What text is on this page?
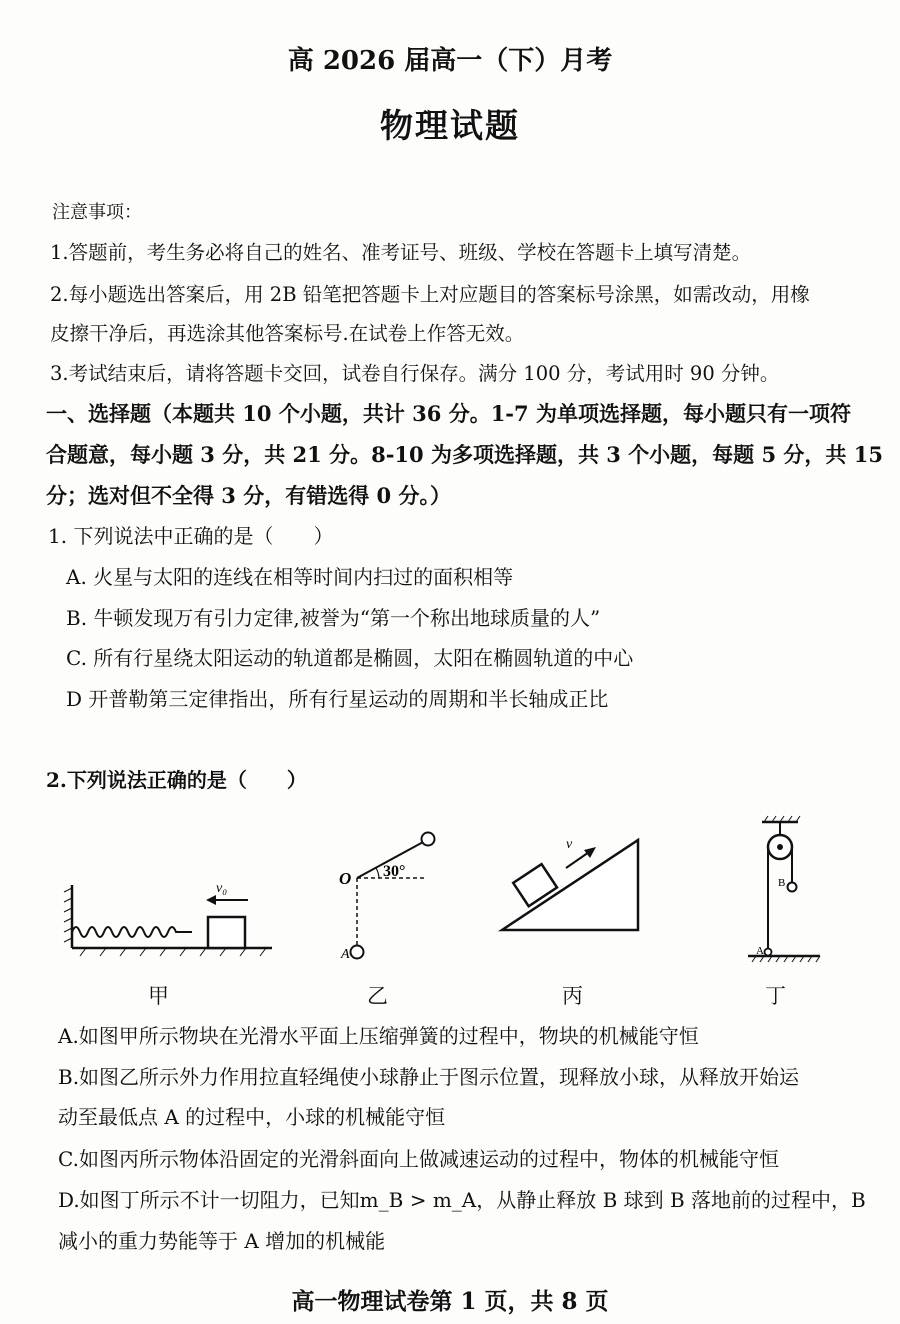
高 2026 届高一（下）月考
物理试题
注意事项：
1.答题前，考生务必将自己的姓名、准考证号、班级、学校在答题卡上填写清楚。
2.每小题选出答案后，用 2B 铅笔把答题卡上对应题目的答案标号涂黑，如需改动，用橡
皮擦干净后，再选涂其他答案标号.在试卷上作答无效。
3.考试结束后，请将答题卡交回，试卷自行保存。满分 100 分，考试用时 90 分钟。
一、选择题（本题共 10 个小题，共计 36 分。1-7 为单项选择题，每小题只有一项符
合题意，每小题 3 分，共 21 分。8-10 为多项选择题，共 3 个小题，每题 5 分，共 15
分；选对但不全得 3 分，有错选得 0 分。）
1. 下列说法中正确的是（　　）
A. 火星与太阳的连线在相等时间内扫过的面积相等
B. 牛顿发现万有引力定律,被誉为“第一个称出地球质量的人”
C. 所有行星绕太阳运动的轨道都是椭圆，太阳在椭圆轨道的中心
D 开普勒第三定律指出，所有行星运动的周期和半长轴成正比
2.下列说法正确的是（　　）
v₀
甲
O 30°
A
乙
v
丙
B
A
丁
A.如图甲所示物块在光滑水平面上压缩弹簧的过程中，物块的机械能守恒
B.如图乙所示外力作用拉直轻绳使小球静止于图示位置，现释放小球，从释放开始运
动至最低点 A 的过程中，小球的机械能守恒
C.如图丙所示物体沿固定的光滑斜面向上做减速运动的过程中，物体的机械能守恒
D.如图丁所示不计一切阻力，已知m_B > m_A，从静止释放 B 球到 B 落地前的过程中，B
减小的重力势能等于 A 增加的机械能
高一物理试卷第 1 页，共 8 页
